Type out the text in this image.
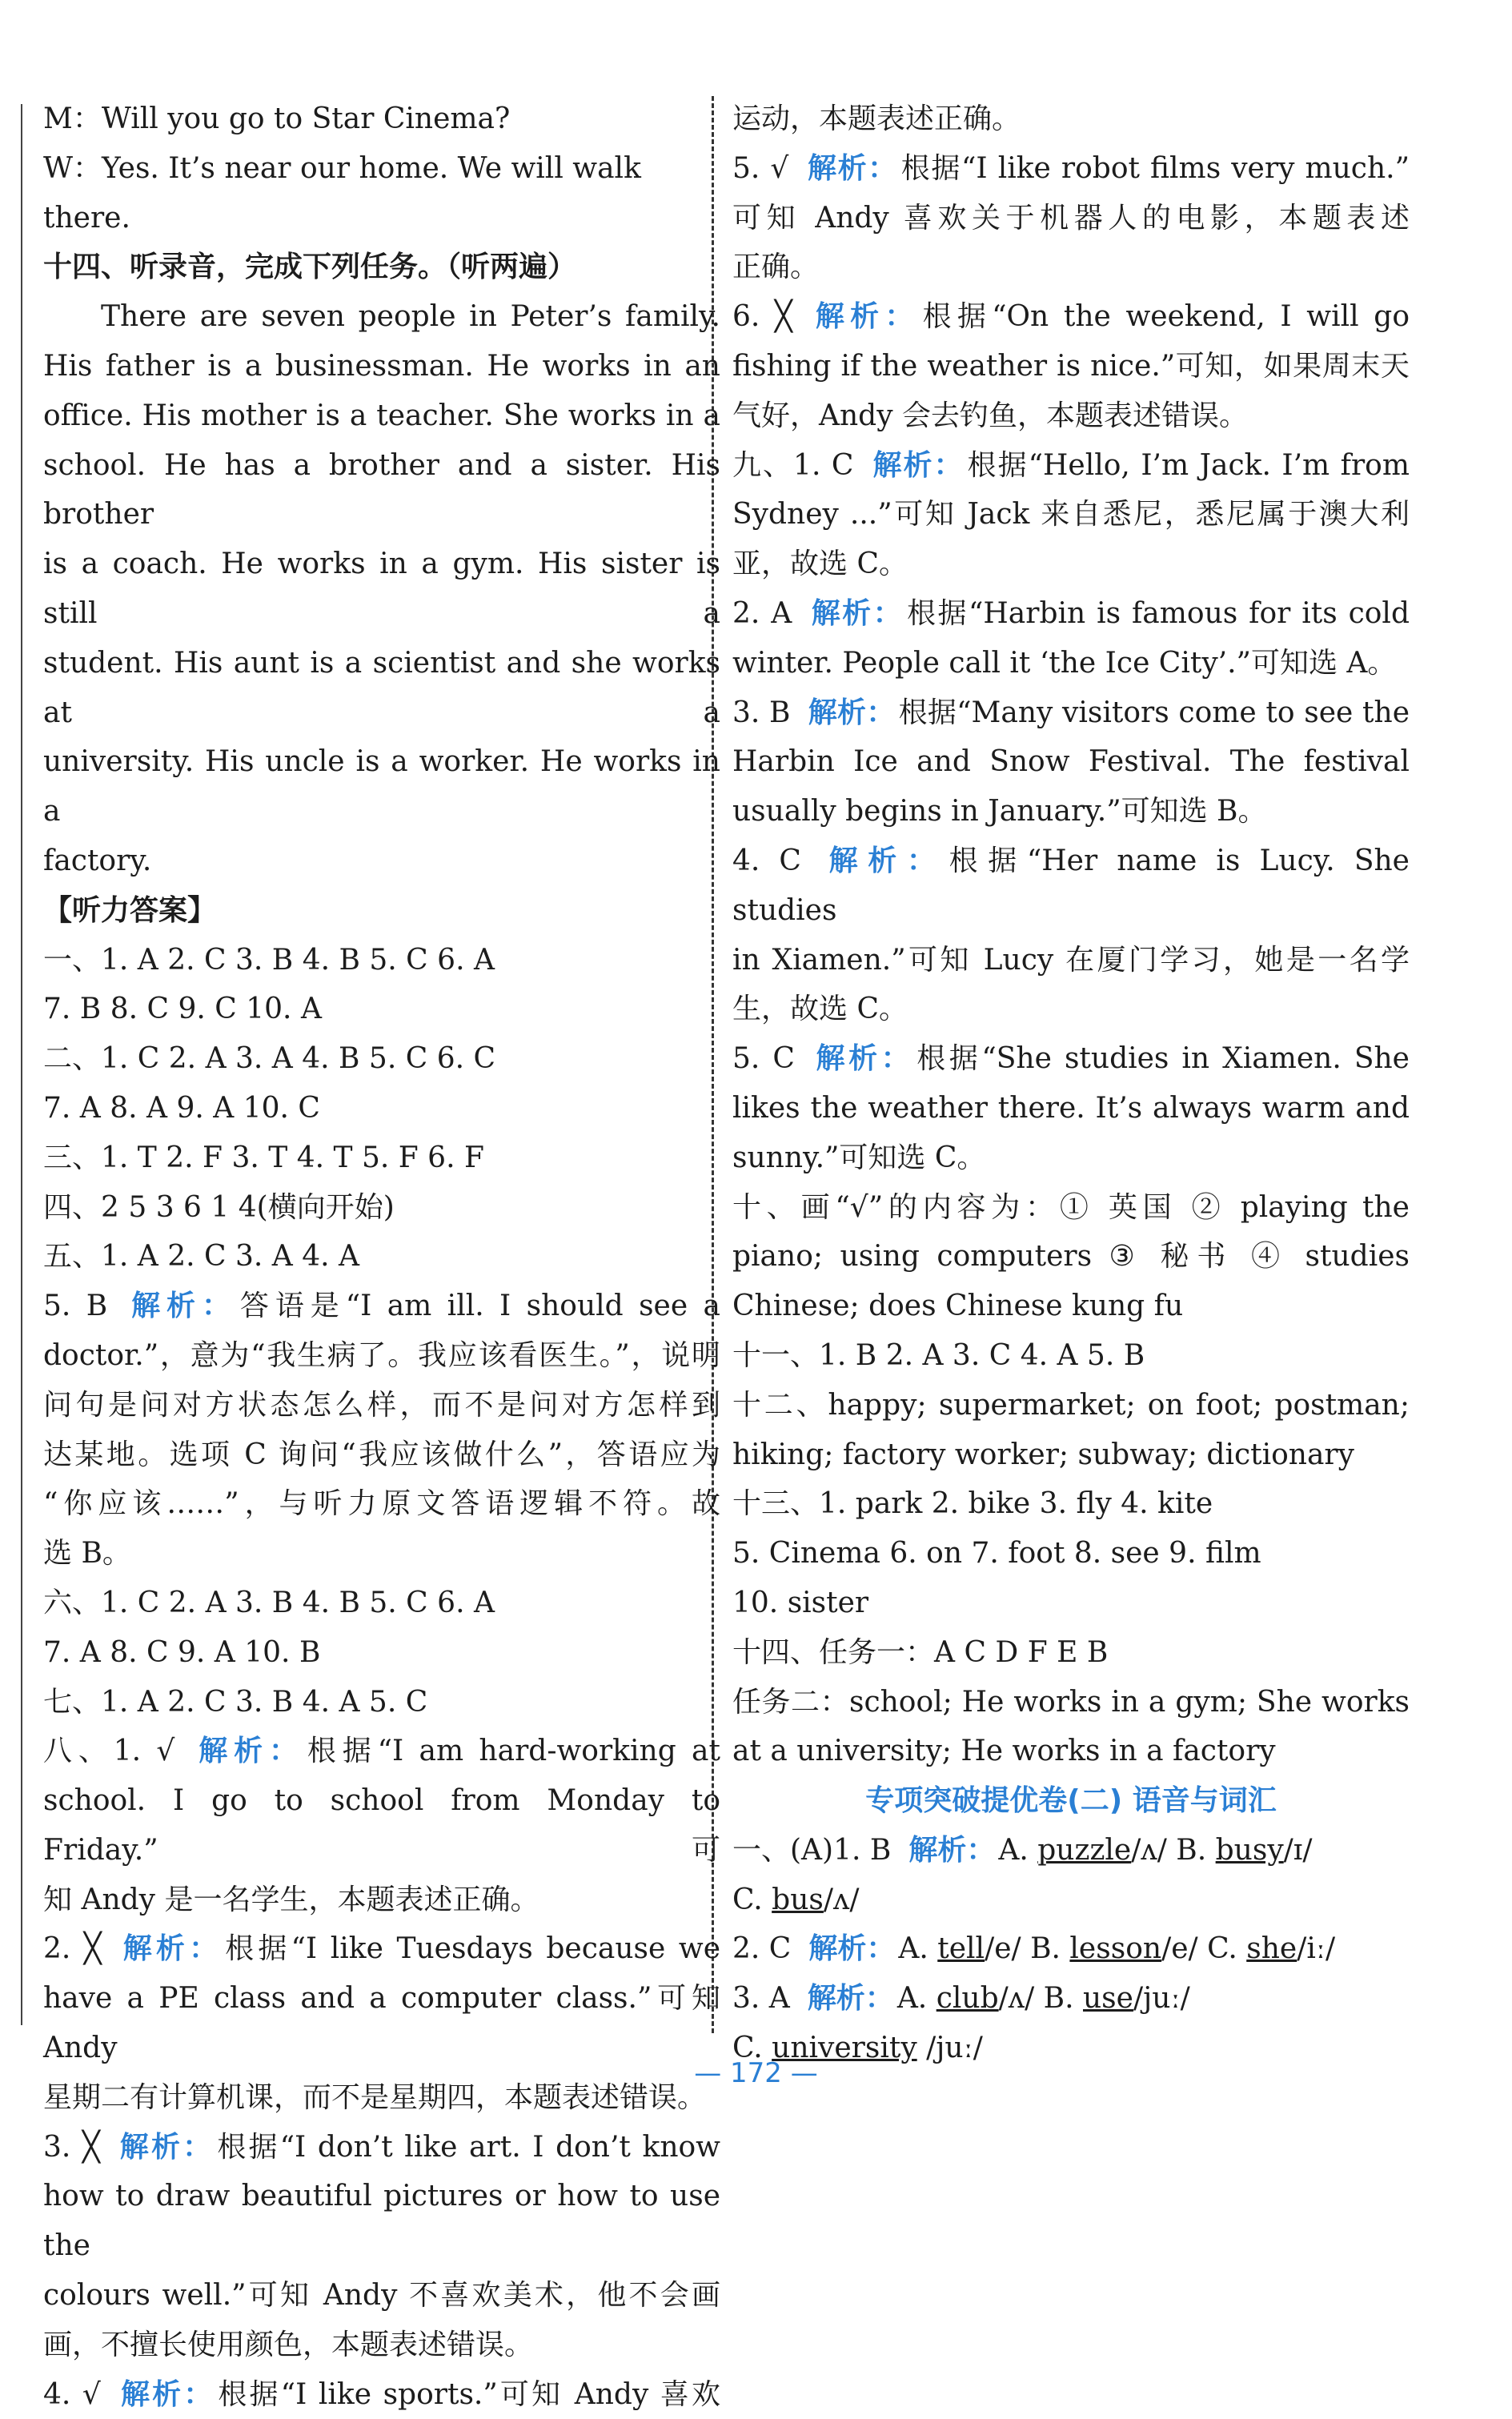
M：Will you go to Star Cinema?

W：Yes. It’s near our home. We will walk there.

十四、听录音，完成下列任务。（听两遍）

There are seven people in Peter’s family.

His father is a businessman. He works in an

office. His mother is a teacher. She works in a

school. He has a brother and a sister. His brother

is a coach. He works in a gym. His sister is still a

student. His aunt is a scientist and she works at a

university. His uncle is a worker. He works in a

factory.

【听力答案】

一、1. A 2. C 3. B 4. B 5. C 6. A

7. B 8. C 9. C 10. A

二、1. C 2. A 3. A 4. B 5. C 6. C

7. A 8. A 9. A 10. C

三、1. T 2. F 3. T 4. T 5. F 6. F

四、2 5 3 6 1 4(横向开始)

五、1. A 2. C 3. A 4. A

5. B 解析： 答语是“I am ill. I should see a

doctor.”，意为“我生病了。我应该看医生。”，说明

问句是问对方状态怎么样，而不是问对方怎样到

达某地。选项 C 询问“我应该做什么”，答语应为

“你应该……”，与听力原文答语逻辑不符。故

选 B。

六、1. C 2. A 3. B 4. B 5. C 6. A

7. A 8. C 9. A 10. B

七、1. A 2. C 3. B 4. A 5. C

八、1. √ 解析： 根据“I am hard-working at

school. I go to school from Monday to Friday.”可

知 Andy 是一名学生，本题表述正确。

2. ╳ 解析： 根据“I like Tuesdays because we

have a PE class and a computer class.”可知 Andy

星期二有计算机课，而不是星期四，本题表述错误。

3. ╳ 解析： 根据“I don’t like art. I don’t know

how to draw beautiful pictures or how to use the

colours well.”可知 Andy 不喜欢美术，他不会画

画，不擅长使用颜色，本题表述错误。

4. √ 解析： 根据“I like sports.”可知 Andy 喜欢

运动，本题表述正确。

5. √ 解析： 根据“I like robot films very much.”

可知 Andy 喜欢关于机器人的电影，本题表述

正确。

6. ╳ 解析： 根据“On the weekend, I will go

fishing if the weather is nice.”可知，如果周末天

气好，Andy 会去钓鱼，本题表述错误。

九、1. C 解析： 根据“Hello, I’m Jack. I’m from

Sydney ...”可知 Jack 来自悉尼，悉尼属于澳大利

亚，故选 C。

2. A 解析： 根据“Harbin is famous for its cold

winter. People call it ‘the Ice City’.”可知选 A。

3. B 解析： 根据“Many visitors come to see the

Harbin Ice and Snow Festival. The festival

usually begins in January.”可知选 B。

4. C 解析： 根据“Her name is Lucy. She studies

in Xiamen.”可知 Lucy 在厦门学习，她是一名学

生，故选 C。

5. C 解析： 根据“She studies in Xiamen. She

likes the weather there. It’s always warm and

sunny.”可知选 C。

十、画“√”的内容为：① 英国 ② playing the

piano; using computers ③ 秘书 ④ studies

Chinese; does Chinese kung fu

十一、1. B 2. A 3. C 4. A 5. B

十二、happy; supermarket; on foot; postman;

hiking; factory worker; subway; dictionary

十三、1. park 2. bike 3. fly 4. kite

5. Cinema 6. on 7. foot 8. see 9. film

10. sister

十四、任务一：A C D F E B

任务二：school; He works in a gym; She works

at a university; He works in a factory

专项突破提优卷(二) 语音与词汇

一、(A)1. B 解析： A. puzzle/ʌ/ B. busy/ɪ/

C. bus/ʌ/

2. C 解析： A. tell/e/ B. lesson/e/ C. she/iː/

3. A 解析： A. club/ʌ/ B. use/juː/

C. university /juː/

— 172 —
